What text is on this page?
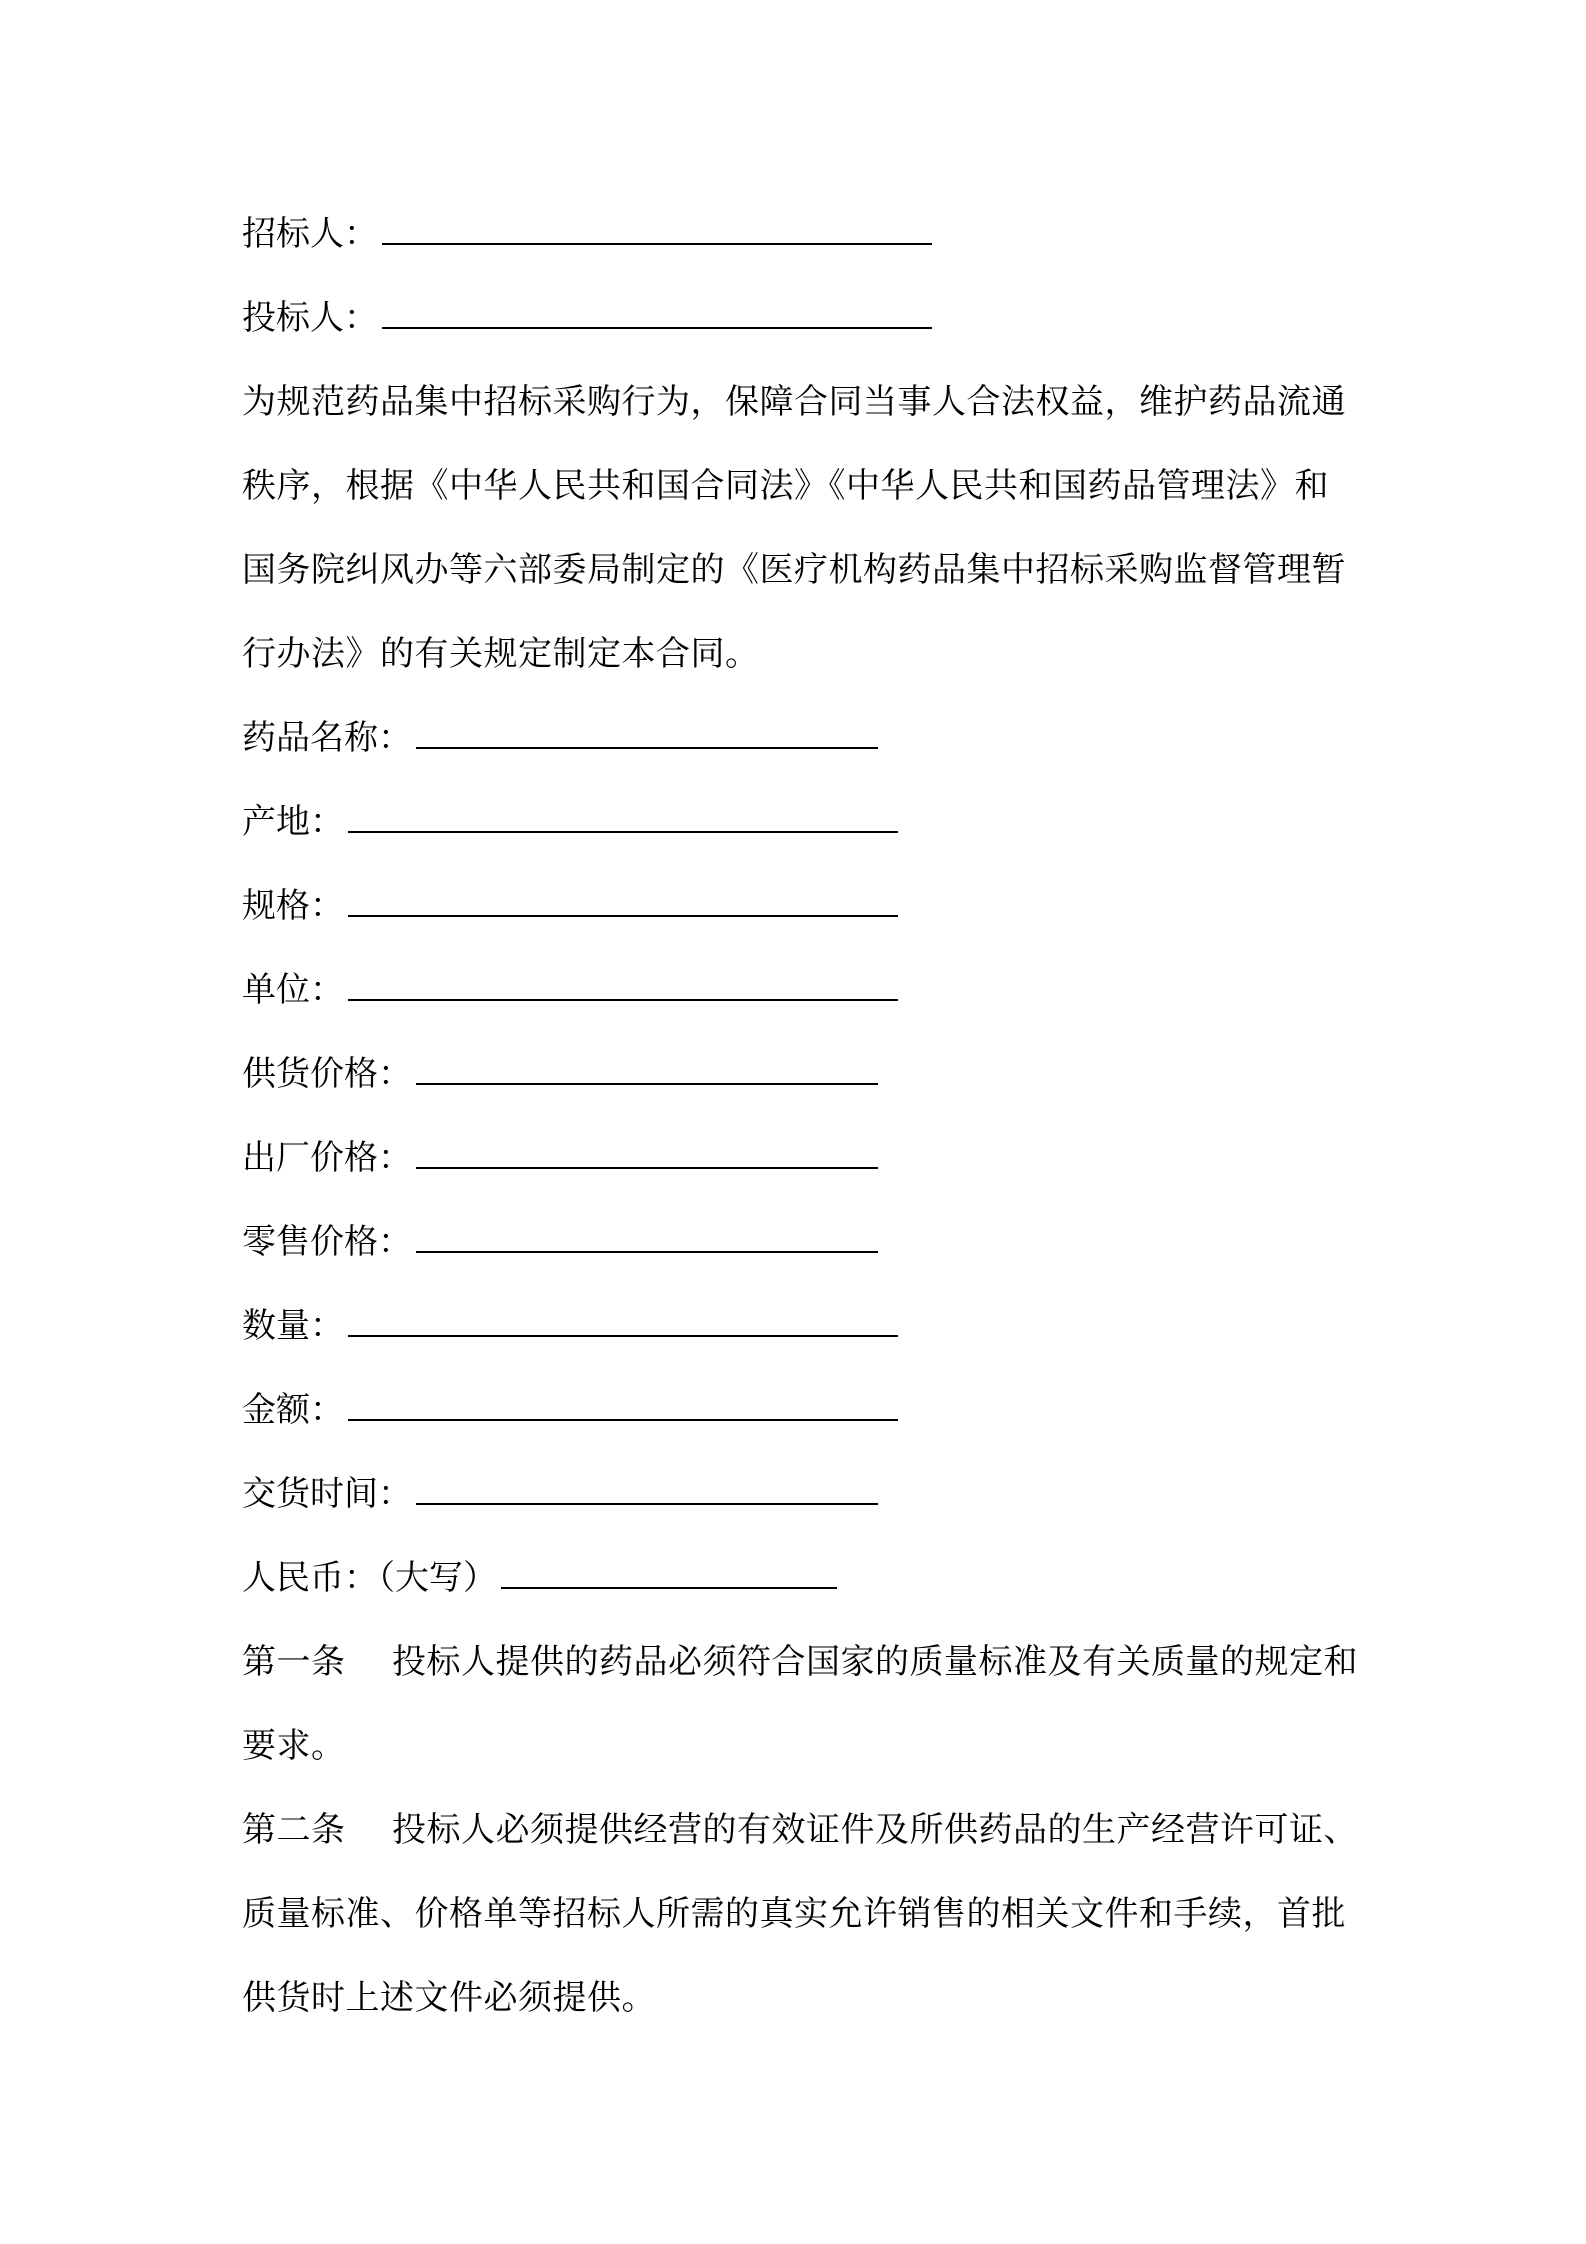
招标人：
投标人：
为规范药品集中招标采购行为，保障合同当事人合法权益，维护药品流通秩序，根据《中华人民共和国合同法》《中华人民共和国药品管理法》和国务院纠风办等六部委局制定的《医疗机构药品集中招标采购监督管理暂行办法》的有关规定制定本合同。
药品名称：
产地：
规格：
单位：
供货价格：
出厂价格：
零售价格：
数量：
金额：
交货时间：
人民币：（大写）
第一条 投标人提供的药品必须符合国家的质量标准及有关质量的规定和要求。
第二条 投标人必须提供经营的有效证件及所供药品的生产经营许可证、质量标准、价格单等招标人所需的真实允许销售的相关文件和手续，首批供货时上述文件必须提供。
